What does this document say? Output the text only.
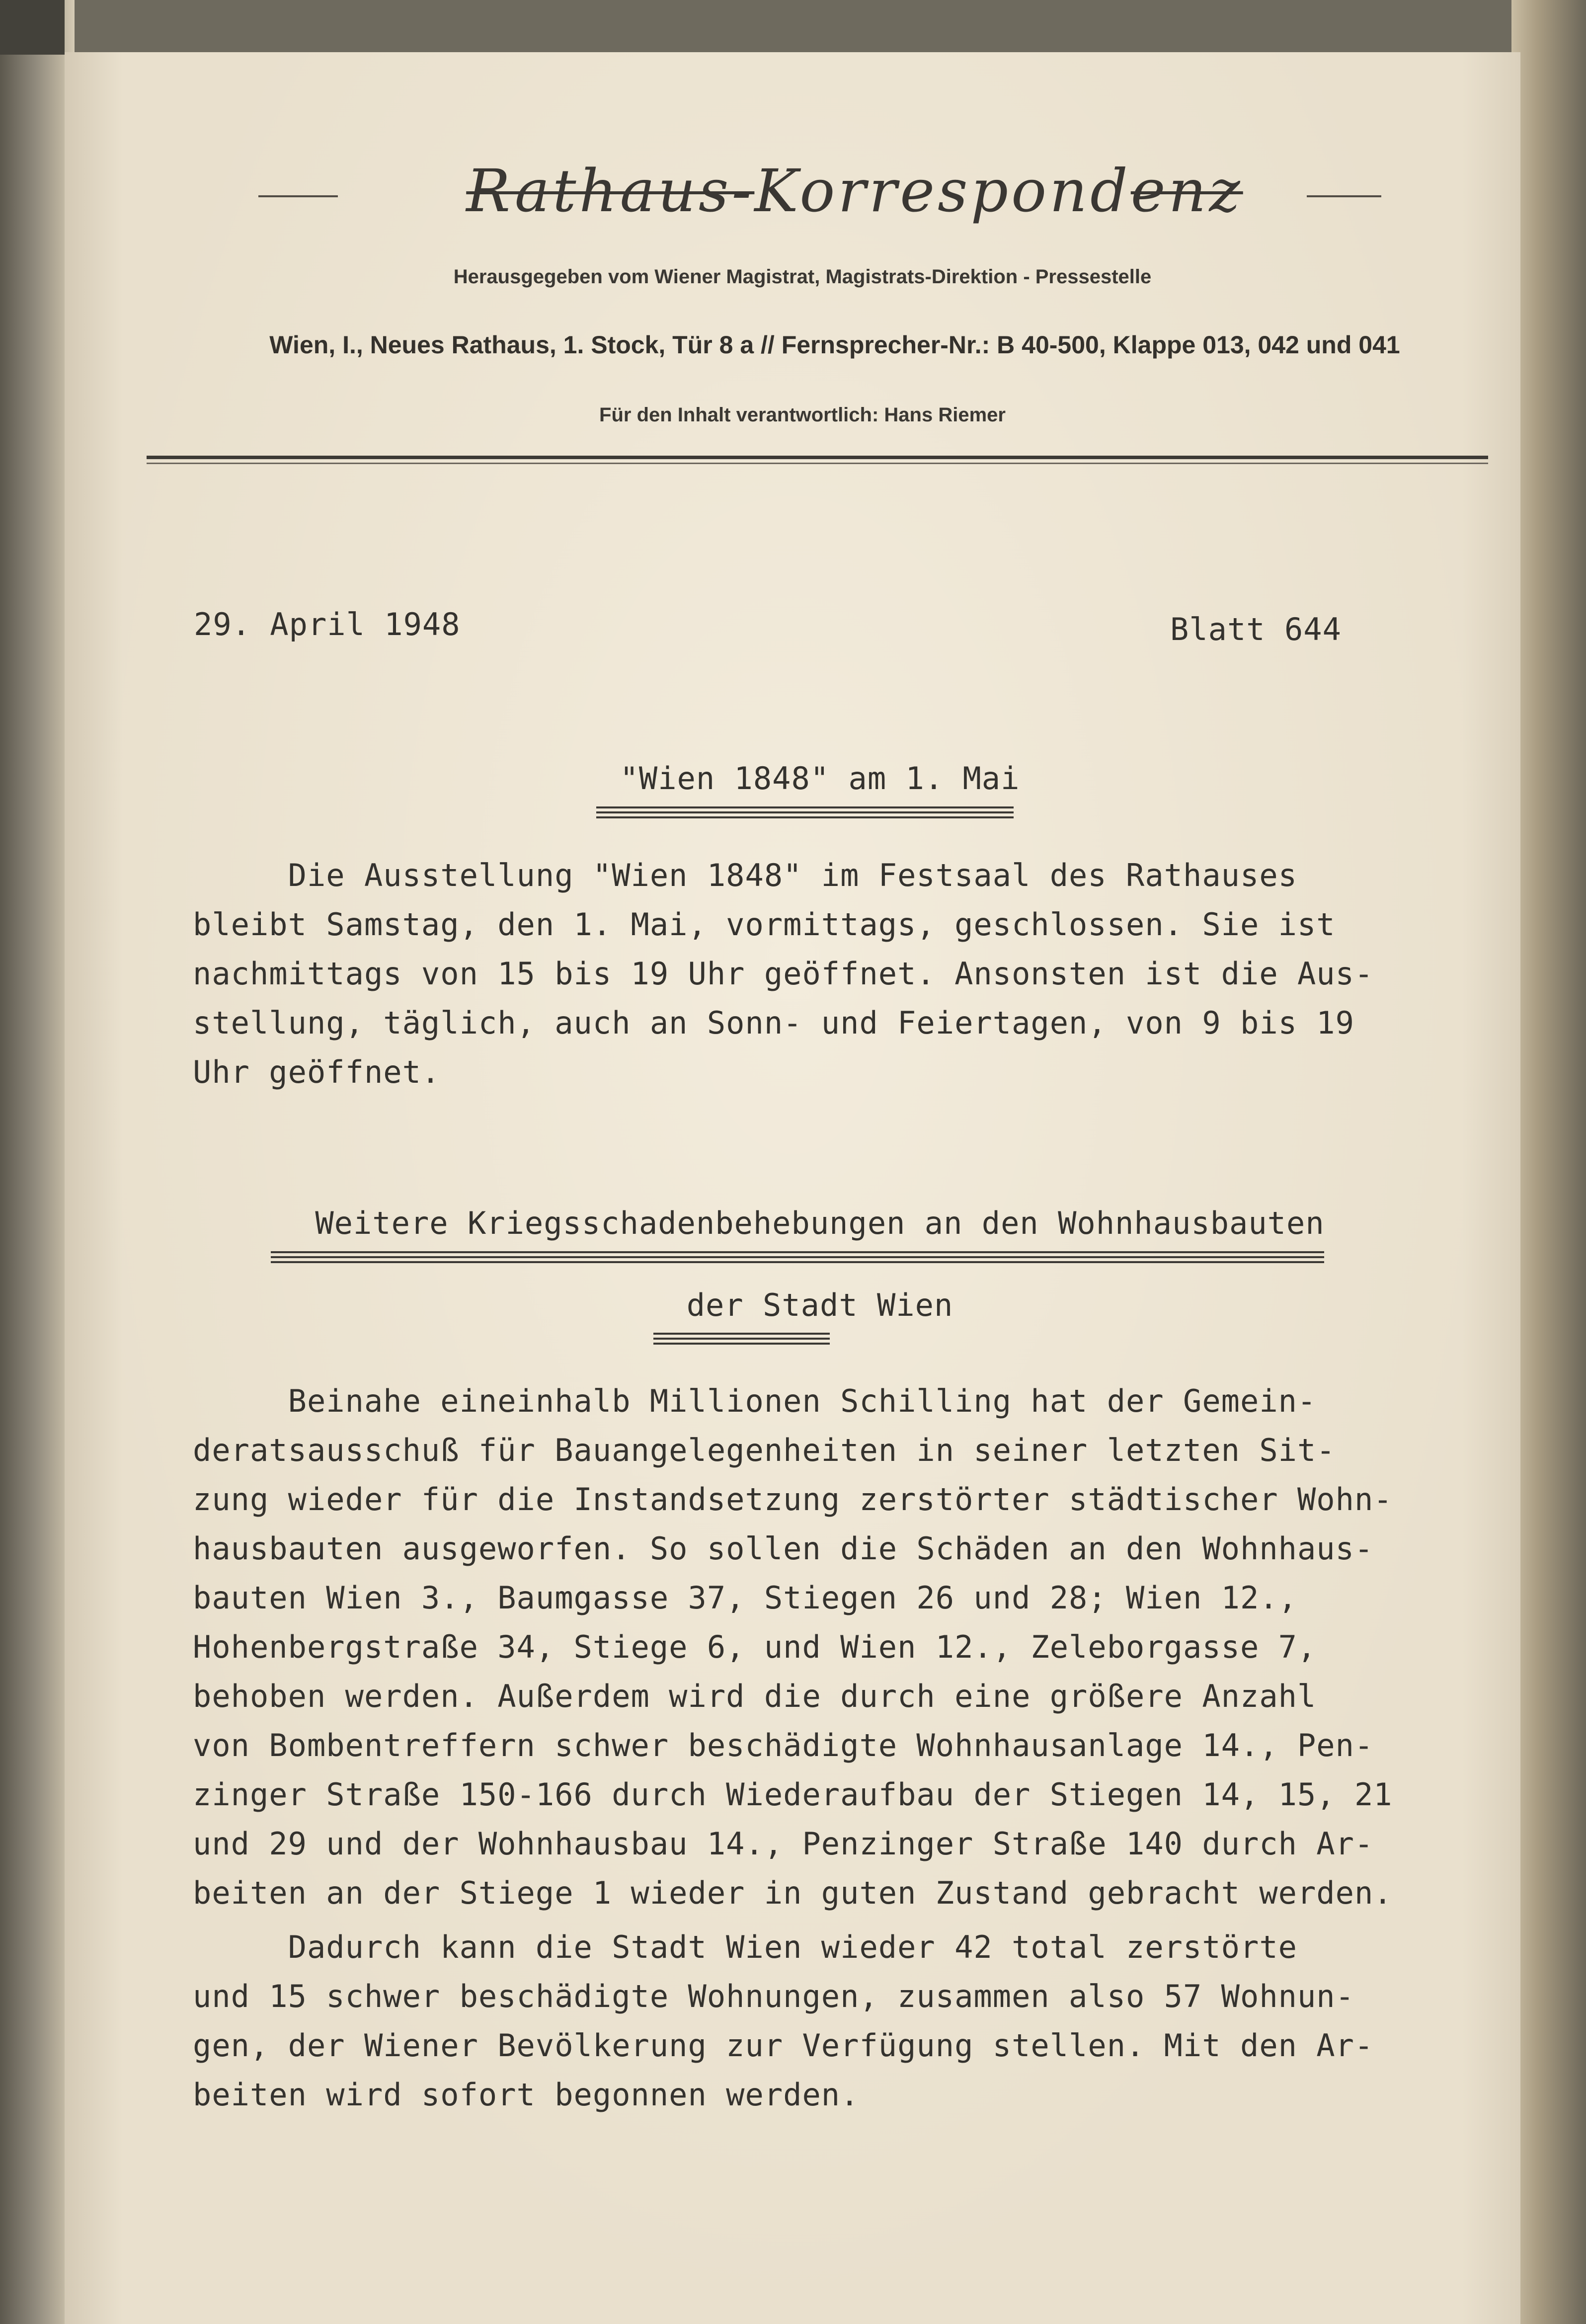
Rathaus-Korrespondenz
Herausgegeben vom Wiener Magistrat, Magistrats-Direktion - Pressestelle
Wien, I., Neues Rathaus, 1. Stock, Tür 8 a // Fernsprecher-Nr.: B 40-500, Klappe 013, 042 und 041
Für den Inhalt verantwortlich: Hans Riemer
29. April 1948	Blatt 644
"Wien 1848" am 1. Mai
Die Ausstellung "Wien 1848" im Festsaal des Rathauses
bleibt Samstag, den 1. Mai, vormittags, geschlossen. Sie ist
nachmittags von 15 bis 19 Uhr geöffnet. Ansonsten ist die Aus-
stellung, täglich, auch an Sonn- und Feiertagen, von 9 bis 19
Uhr geöffnet.
Weitere Kriegsschadenbehebungen an den Wohnhausbauten
der Stadt Wien
Beinahe eineinhalb Millionen Schilling hat der Gemein-
deratsausschuß für Bauangelegenheiten in seiner letzten Sit-
zung wieder für die Instandsetzung zerstörter städtischer Wohn-
hausbauten ausgeworfen. So sollen die Schäden an den Wohnhaus-
bauten Wien 3., Baumgasse 37, Stiegen 26 und 28; Wien 12.,
Hohenbergstraße 34, Stiege 6, und Wien 12., Zeleborgasse 7,
behoben werden. Außerdem wird die durch eine größere Anzahl
von Bombentreffern schwer beschädigte Wohnhausanlage 14., Pen-
zinger Straße 150-166 durch Wiederaufbau der Stiegen 14, 15, 21
und 29 und der Wohnhausbau 14., Penzinger Straße 140 durch Ar-
beiten an der Stiege 1 wieder in guten Zustand gebracht werden.
Dadurch kann die Stadt Wien wieder 42 total zerstörte
und 15 schwer beschädigte Wohnungen, zusammen also 57 Wohnun-
gen, der Wiener Bevölkerung zur Verfügung stellen. Mit den Ar-
beiten wird sofort begonnen werden.
